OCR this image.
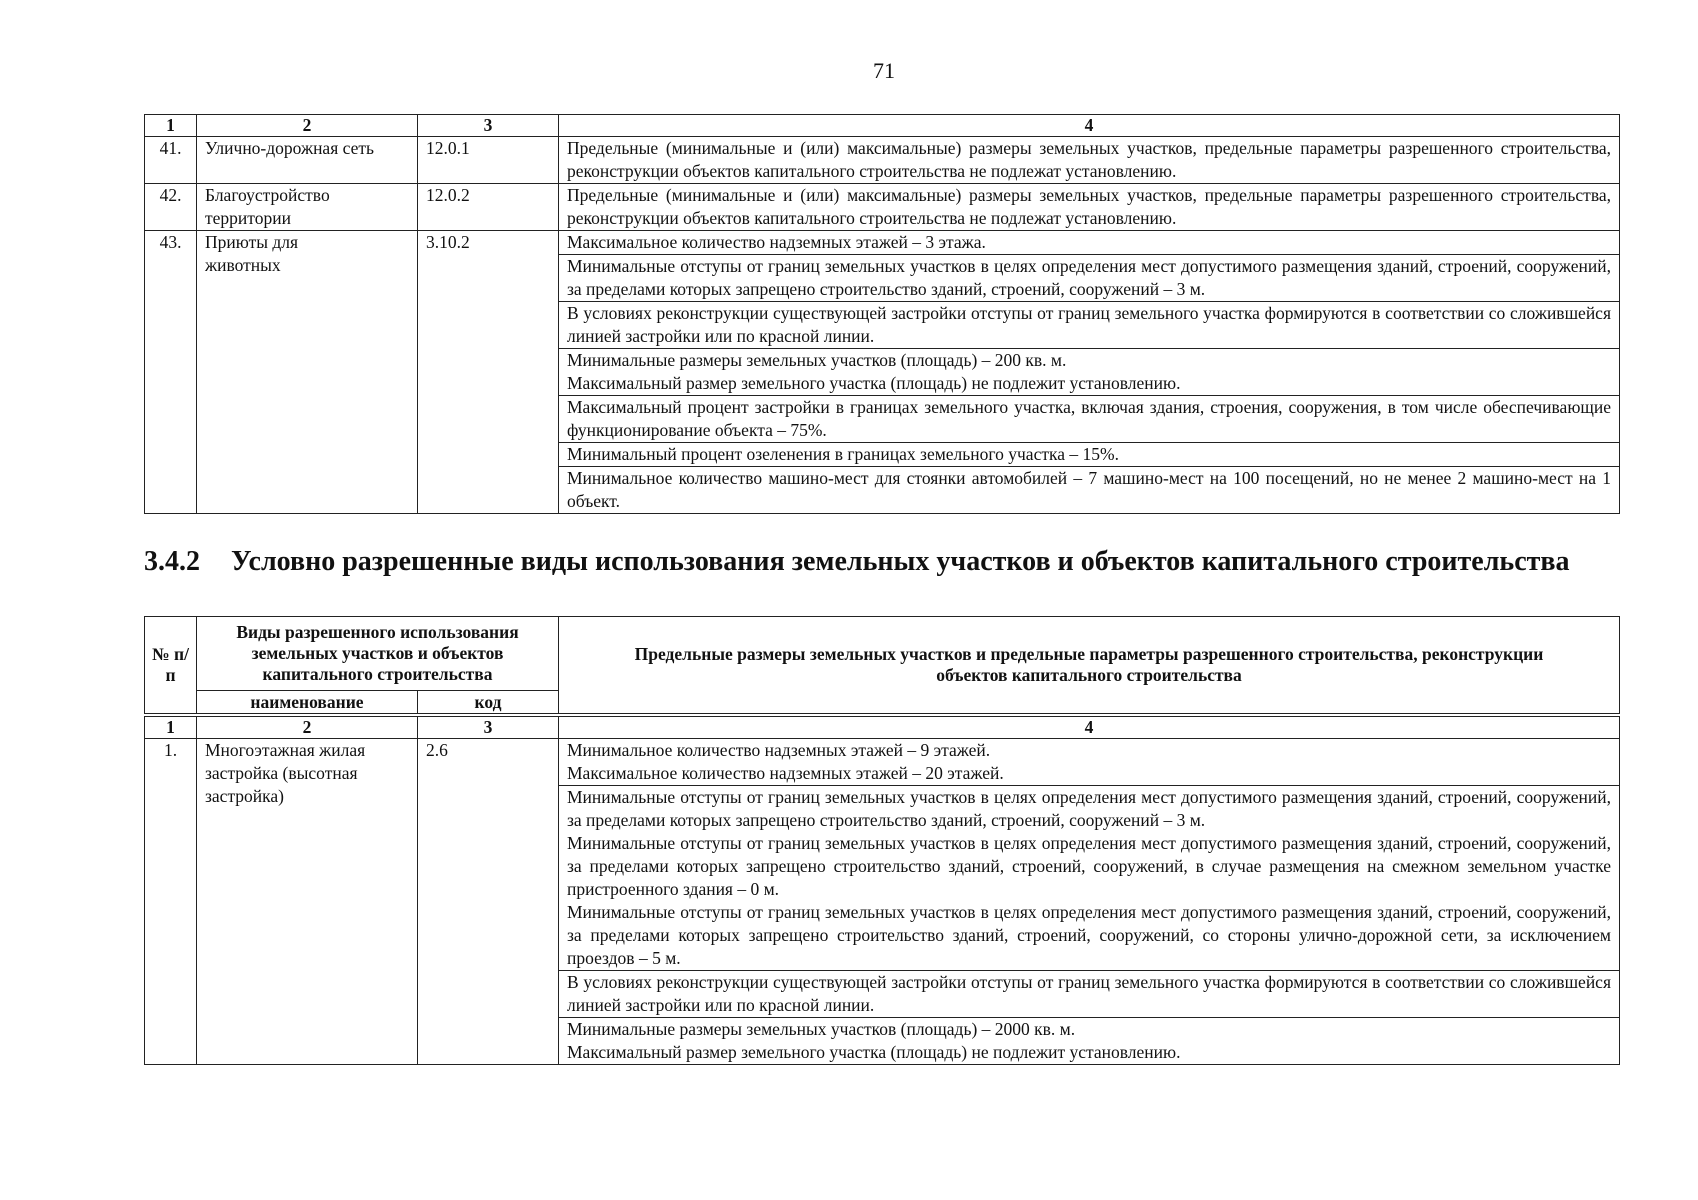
71
1	2	3	4
41.	Улично-дорожная сеть	12.0.1	Предельные (минимальные и (или) максимальные) размеры земельных участков, предельные параметры разрешенного строительства, реконструкции объектов капитального строительства не подлежат установлению.
42.	Благоустройство территории	12.0.2	Предельные (минимальные и (или) максимальные) размеры земельных участков, предельные параметры разрешенного строительства, реконструкции объектов капитального строительства не подлежат установлению.
43.	Приюты для животных	3.10.2	Максимальное количество надземных этажей – 3 этажа.
			Минимальные отступы от границ земельных участков в целях определения мест допустимого размещения зданий, строений, сооружений, за пределами которых запрещено строительство зданий, строений, сооружений – 3 м.
			В условиях реконструкции существующей застройки отступы от границ земельного участка формируются в соответствии со сложившейся линией застройки или по красной линии.
			Минимальные размеры земельных участков (площадь) – 200 кв. м.
Максимальный размер земельного участка (площадь) не подлежит установлению.
			Максимальный процент застройки в границах земельного участка, включая здания, строения, сооружения, в том числе обеспечивающие функционирование объекта – 75%.
			Минимальный процент озеленения в границах земельного участка – 15%.
			Минимальное количество машино-мест для стоянки автомобилей – 7 машино-мест на 100 посещений, но не менее 2 машино-мест на 1 объект.
3.4.2 Условно разрешенные виды использования земельных участков и объектов капитального строительства
№ п/п	Виды разрешенного использования земельных участков и объектов капитального строительства		Предельные размеры земельных участков и предельные параметры разрешенного строительства, реконструкции объектов капитального строительства
	наименование	код	
1	2	3	4
1.	Многоэтажная жилая застройка (высотная застройка)	2.6	Минимальное количество надземных этажей – 9 этажей.
Максимальное количество надземных этажей – 20 этажей.
			Минимальные отступы от границ земельных участков в целях определения мест допустимого размещения зданий, строений, сооружений, за пределами которых запрещено строительство зданий, строений, сооружений – 3 м.
Минимальные отступы от границ земельных участков в целях определения мест допустимого размещения зданий, строений, сооружений, за пределами которых запрещено строительство зданий, строений, сооружений, в случае размещения на смежном земельном участке пристроенного здания – 0 м.
Минимальные отступы от границ земельных участков в целях определения мест допустимого размещения зданий, строений, сооружений, за пределами которых запрещено строительство зданий, строений, сооружений, со стороны улично-дорожной сети, за исключением проездов – 5 м.
			В условиях реконструкции существующей застройки отступы от границ земельного участка формируются в соответствии со сложившейся линией застройки или по красной линии.
			Минимальные размеры земельных участков (площадь) – 2000 кв. м.
Максимальный размер земельного участка (площадь) не подлежит установлению.
